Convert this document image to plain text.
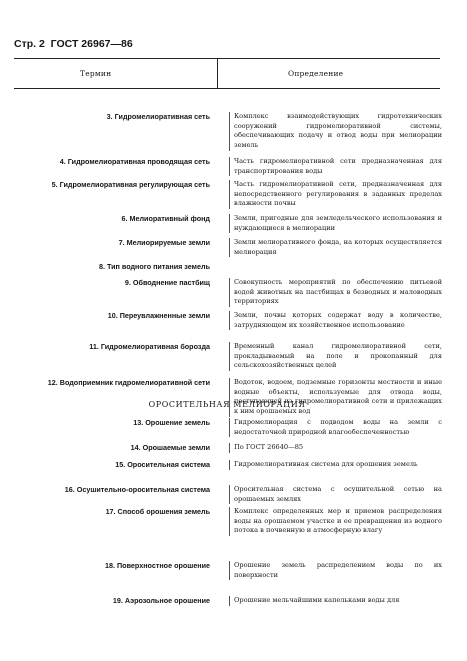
Стр. 2 ГОСТ 26967—86
Термин	Определение
3. Гидромелиоративная сеть	Комплекс взаимодействующих гидротехнических сооружений гидромелиоративной системы, обеспечивающих подачу и отвод воды при мелиорации земель
4. Гидромелиоративная проводящая сеть	Часть гидромелиоративной сети предназначенная для транспортирования воды
5. Гидромелиоративная регулирующая сеть	Часть гидромелиоративной сети, предназначенная для непосредственного регулирования в заданных пределах влажности почвы
6. Мелиоративный фонд	Земли, пригодные для земледельческого использования и нуждающиеся в мелиорации
7. Мелиорируемые земли	Земли мелиоративного фонда, на которых осуществляется мелиорация
8. Тип водного питания земель
9. Обводнение пастбищ	Совокупность мероприятий по обеспечению питьевой водой животных на пастбищах в безводных и маловодных территориях
10. Переувлажненные земли	Земли, почвы которых содержат воду в количестве, затрудняющем их хозяйственное использование
11. Гидромелиоративная борозда	Временный канал гидромелиоративной сети, прокладываемый на поле и прокопанный для сельскохозяйственных целей
12. Водоприемник гидромелиоративной сети	Водоток, водоем, подземные горизонты местности и иные водные объекты, используемые для отвода воды, поступающей из гидромелиоративной сети и прилежащих к ним орошаемых вод
ОРОСИТЕЛЬНАЯ МЕЛИОРАЦИЯ
13. Орошение земель	Гидромелиорация с подводом воды на земли с недостаточной природной влагообеспеченностью
14. Орошаемые земли	По ГОСТ 26640—85
15. Оросительная система	Гидромелиоративная система для орошения земель
16. Осушительно-оросительная система	Оросительная система с осушительной сетью на орошаемых землях
17. Способ орошения земель	Комплекс определенных мер и приемов распределения воды на орошаемом участке и ее превращения из водного потока в почвенную и атмосферную влагу
18. Поверхностное орошение	Орошение земель распределением воды по их поверхности
19. Аэрозольное орошение	Орошение мельчайшими капельками воды для
